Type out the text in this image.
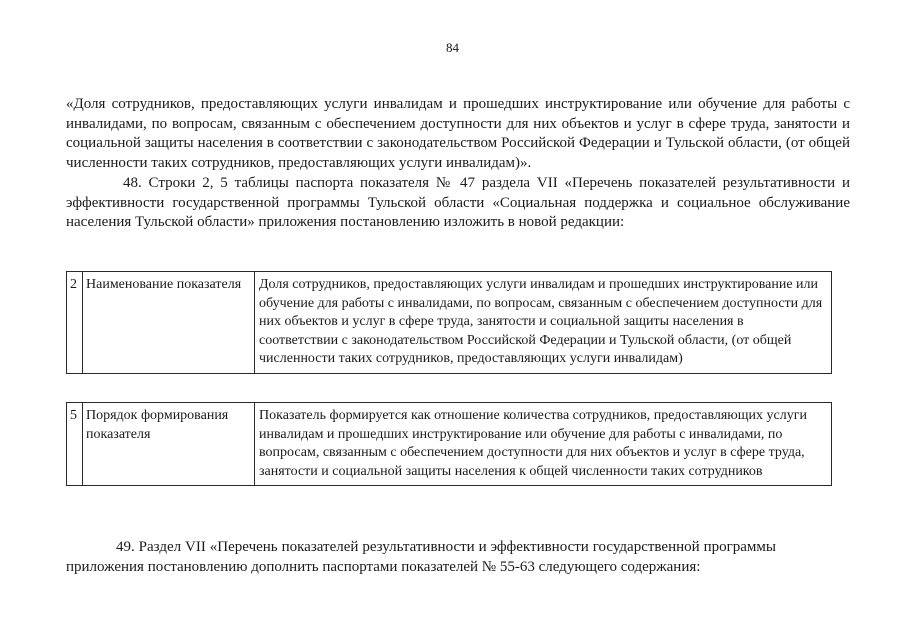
84
«Доля сотрудников, предоставляющих услуги инвалидам и прошедших инструктирование или обучение для работы с инвалидами, по вопросам, связанным с обеспечением доступности для них объектов и услуг в сфере труда, занятости и социальной защиты населения в соответствии с законодательством Российской Федерации и Тульской области, (от общей численности таких сотрудников, предоставляющих услуги инвалидам)».
48. Строки 2, 5 таблицы паспорта показателя № 47 раздела VII «Перечень показателей результативности и эффективности государственной программы Тульской области «Социальная поддержка и социальное обслуживание населения Тульской области» приложения постановлению изложить в новой редакции:
2	Наименование показателя	Доля сотрудников, предоставляющих услуги инвалидам и прошедших инструктирование или обучение для работы с инвалидами, по вопросам, связанным с обеспечением доступности для них объектов и услуг в сфере труда, занятости и социальной защиты населения в соответствии с законодательством Российской Федерации и Тульской области, (от общей численности таких сотрудников, предоставляющих услуги инвалидам)
5	Порядок формирования показателя	Показатель формируется как отношение количества сотрудников, предоставляющих услуги инвалидам и прошедших инструктирование или обучение для работы с инвалидами, по вопросам, связанным с обеспечением доступности для них объектов и услуг в сфере труда, занятости и социальной защиты населения к общей численности таких сотрудников
49. Раздел VII «Перечень показателей результативности и эффективности государственной программы приложения постановлению дополнить паспортами показателей № 55-63 следующего содержания:
